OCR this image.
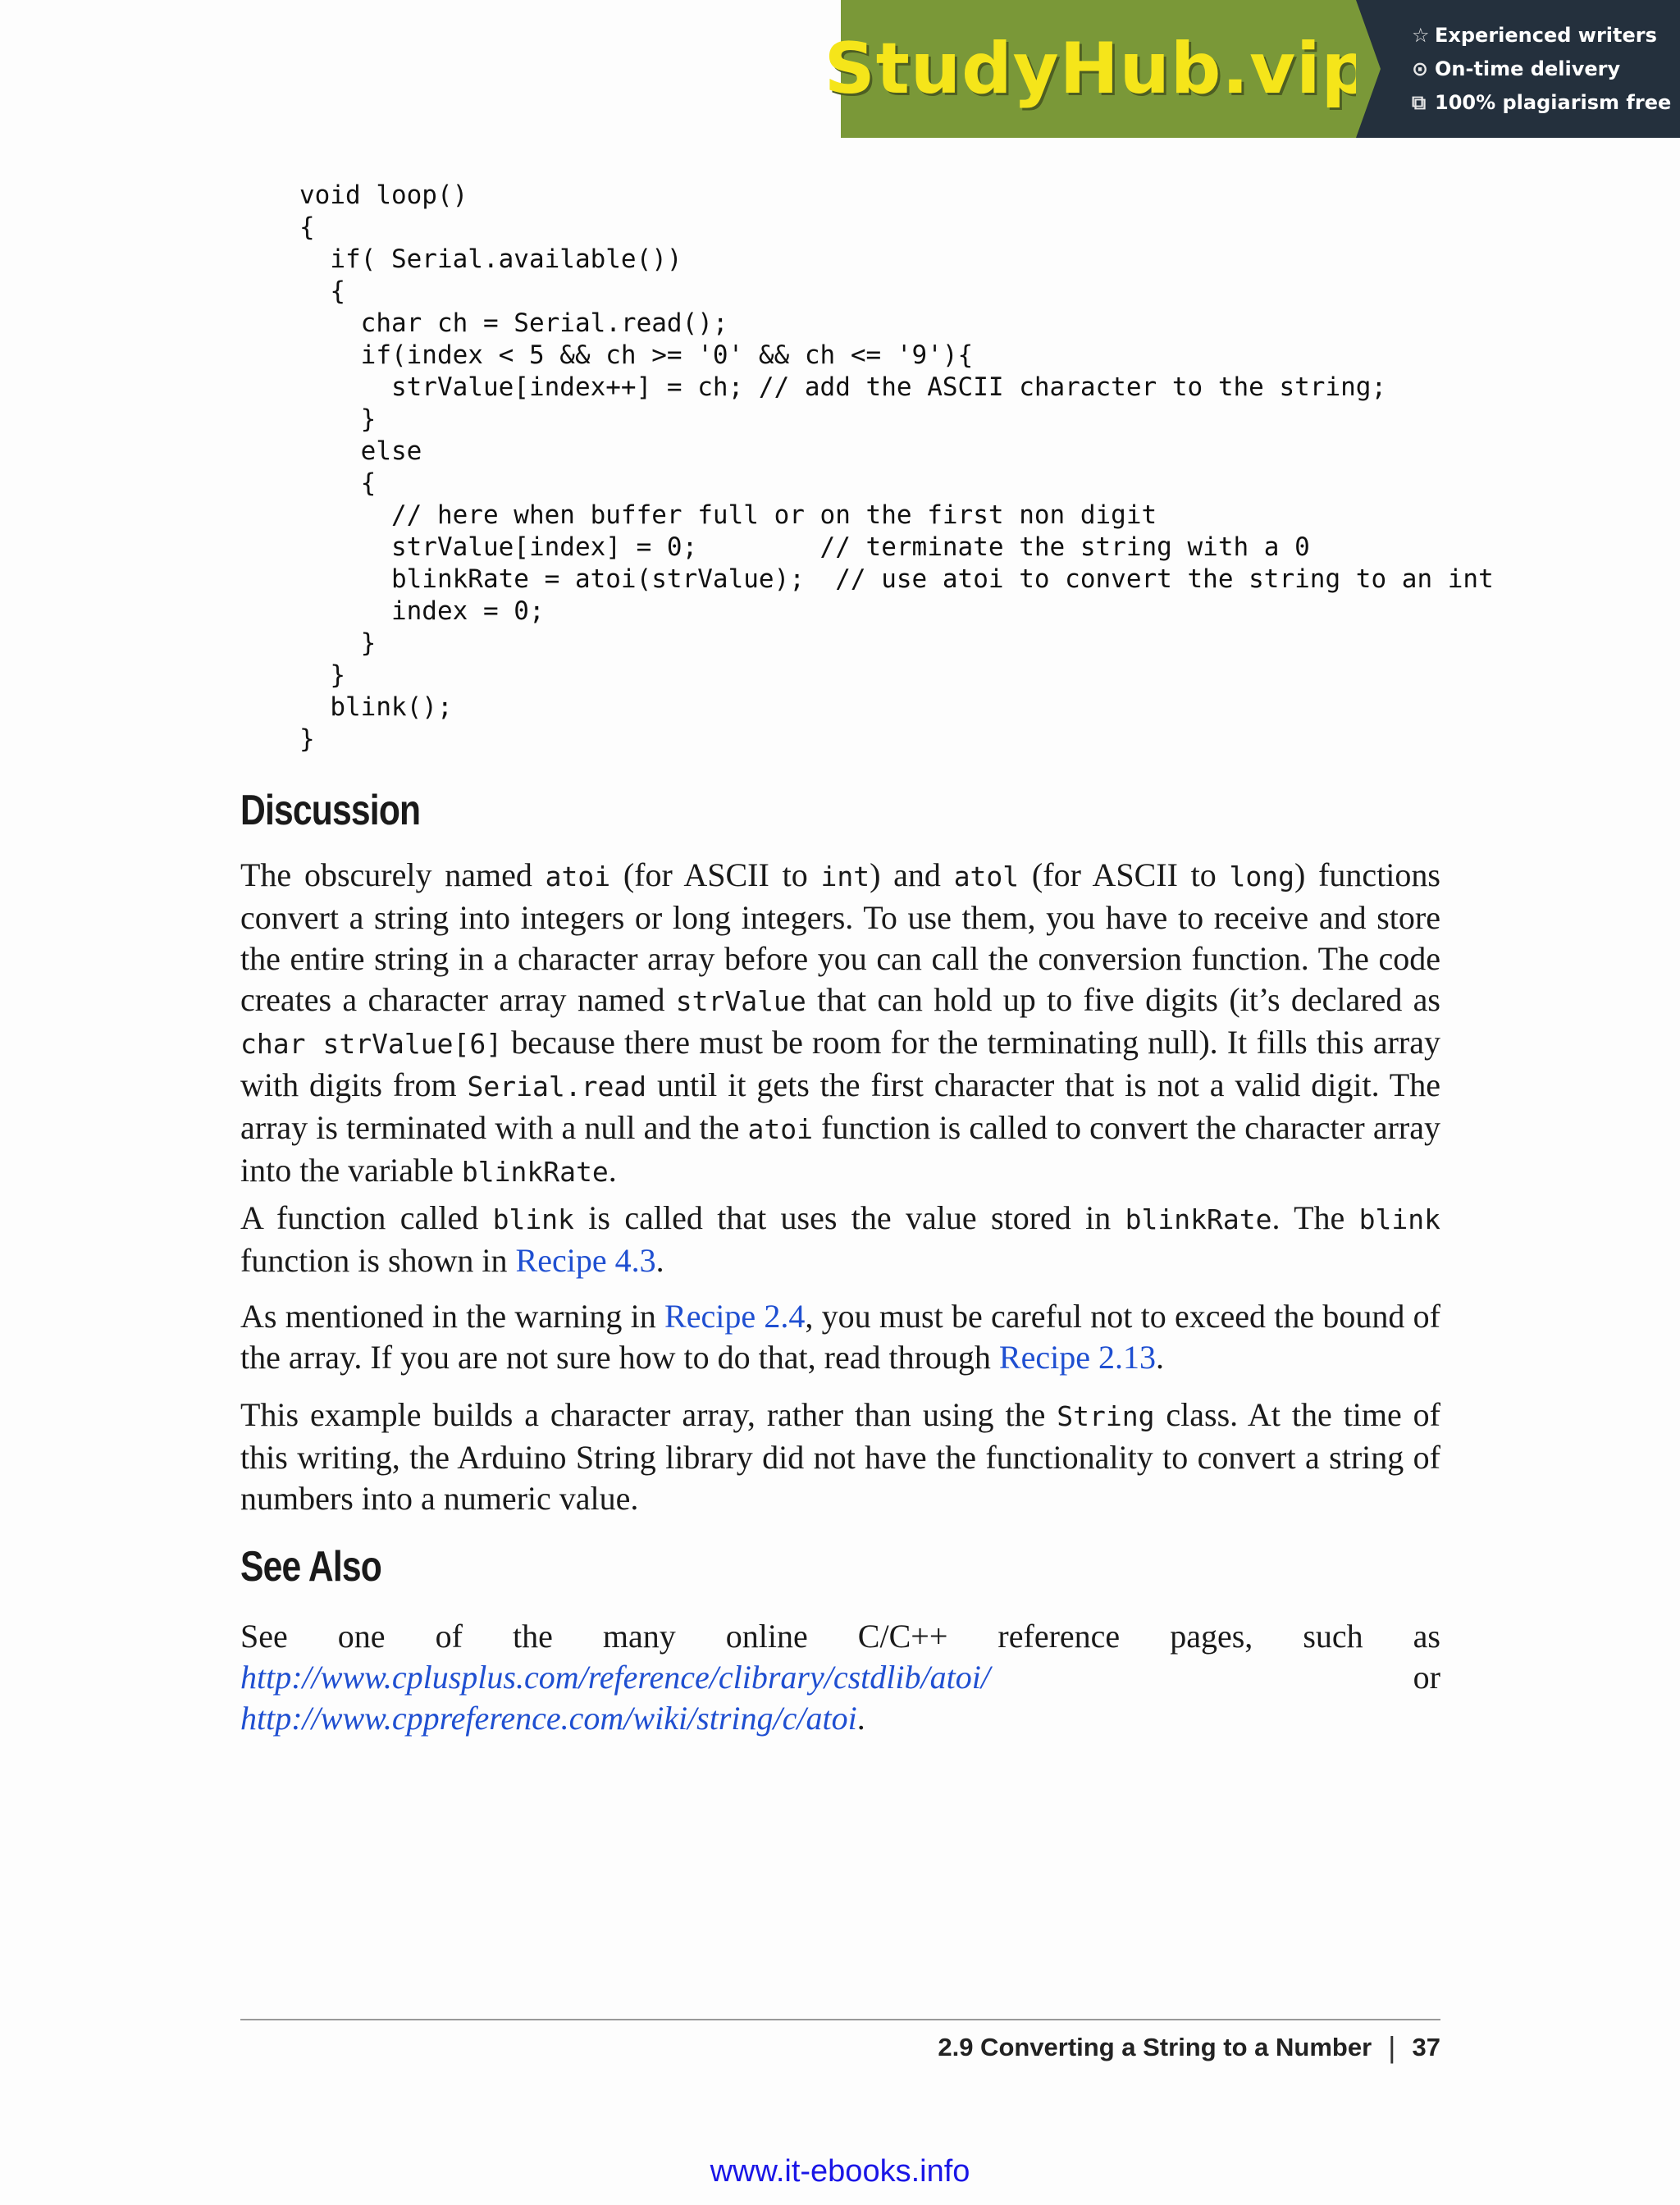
StudyHub.vip ☆ Experienced writers
⊙ On-time delivery
⧉ 100% plagiarism free
void loop()
{
if( Serial.available())
{
char ch = Serial.read();
if(index < 5 && ch >= '0' && ch <= '9'){
strValue[index++] = ch; // add the ASCII character to the string;
}
else
{
// here when buffer full or on the first non digit
strValue[index] = 0;        // terminate the string with a 0
blinkRate = atoi(strValue);  // use atoi to convert the string to an int
index = 0;
}
}
blink();
}
Discussion

The obscurely named atoi (for ASCII to int) and atol (for ASCII to long) functions convert a string into integers or long integers. To use them, you have to receive and store the entire string in a character array before you can call the conversion function. The code creates a character array named strValue that can hold up to five digits (it’s declared as char strValue[6] because there must be room for the terminating null). It fills this array with digits from Serial.read until it gets the first character that is not a valid digit. The array is terminated with a null and the atoi function is called to convert the character array into the variable blinkRate.

A function called blink is called that uses the value stored in blinkRate. The blink function is shown in Recipe 4.3.

As mentioned in the warning in Recipe 2.4, you must be careful not to exceed the bound of the array. If you are not sure how to do that, read through Recipe 2.13.

This example builds a character array, rather than using the String class. At the time of this writing, the Arduino String library did not have the functionality to convert a string of numbers into a numeric value.

See Also

See one of the many online C/C++ reference pages, such as http://www.cplusplus.com/reference/clibrary/cstdlib/atoi/ or http://www.cppreference.com/wiki/string/c/atoi.

2.9 Converting a String to a Number | 37
www.it-ebooks.info
